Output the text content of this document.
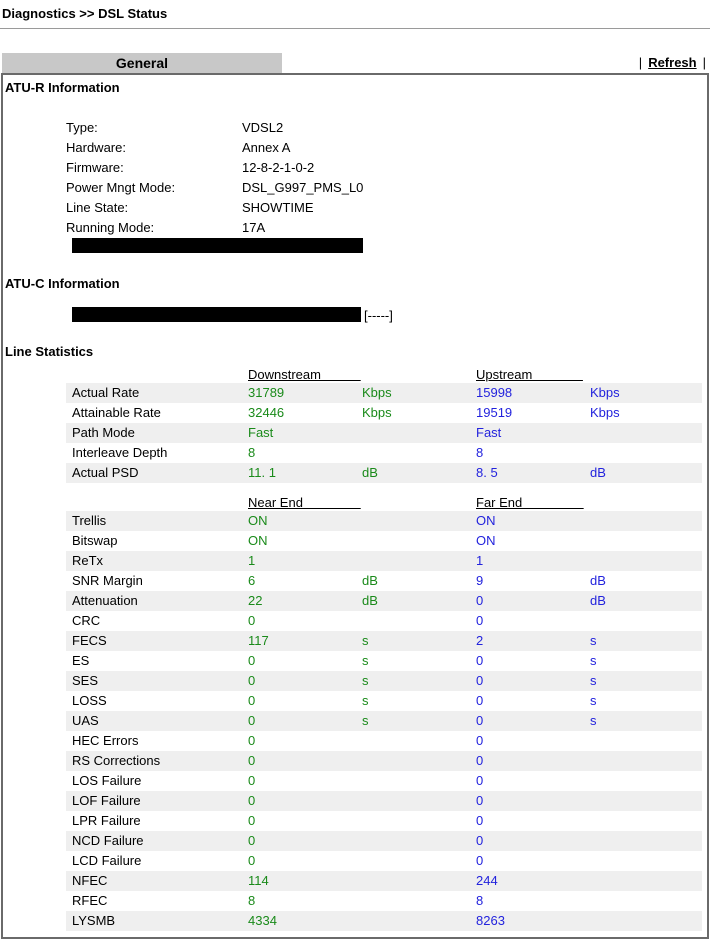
Diagnostics >> DSL Status
General	| Refresh |
ATU-R Information
Type:	VDSL2
Hardware:	Annex A
Firmware:	12-8-2-1-0-2
Power Mngt Mode:	DSL_G997_PMS_L0
Line State:	SHOWTIME
Running Mode:	17A
ATU-C Information
[-----]
Line Statistics
Downstream	Upstream
Actual Rate	31789	Kbps	15998	Kbps
Attainable Rate	32446	Kbps	19519	Kbps
Path Mode	Fast	Fast
Interleave Depth	8	8
Actual PSD	11. 1	dB	8. 5	dB
Near End	Far End
Trellis	ON	ON
Bitswap	ON	ON
ReTx	1	1
SNR Margin	6	dB	9	dB
Attenuation	22	dB	0	dB
CRC	0	0
FECS	117	s	2	s
ES	0	s	0	s
SES	0	s	0	s
LOSS	0	s	0	s
UAS	0	s	0	s
HEC Errors	0	0
RS Corrections	0	0
LOS Failure	0	0
LOF Failure	0	0
LPR Failure	0	0
NCD Failure	0	0
LCD Failure	0	0
NFEC	114	244
RFEC	8	8
LYSMB	4334	8263
